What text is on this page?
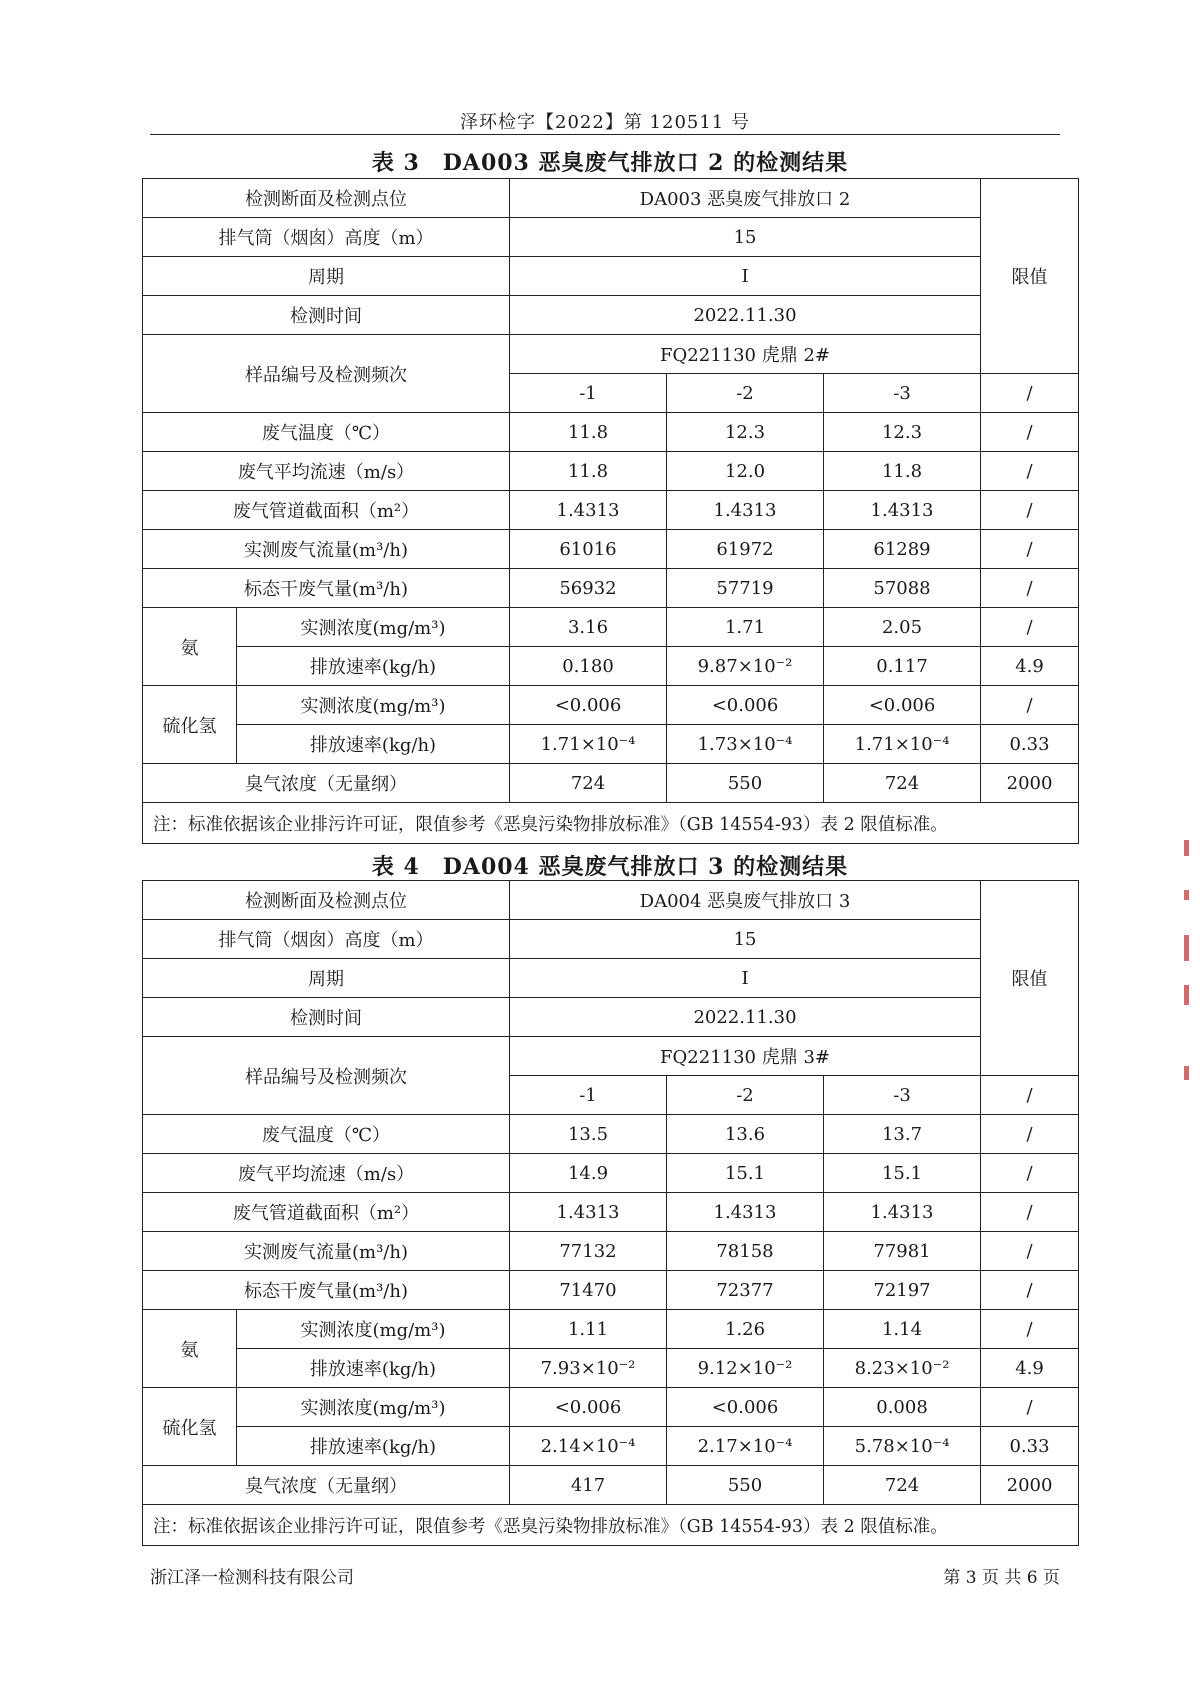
泽环检字【2022】第 120511 号
表 3　DA003 恶臭废气排放口 2 的检测结果
检测断面及检测点位		DA003 恶臭废气排放口 2			限值
排气筒（烟囱）高度（m）		15			
周期		I			
检测时间		2022.11.30			
样品编号及检测频次		FQ221130 虎鼎 2#			
		-1	-2	-3	/
废气温度（℃）		11.8	12.3	12.3	/
废气平均流速（m/s）		11.8	12.0	11.8	/
废气管道截面积（m²）		1.4313	1.4313	1.4313	/
实测废气流量(m³/h)		61016	61972	61289	/
标态干废气量(m³/h)		56932	57719	57088	/
氨	实测浓度(mg/m³)	3.16	1.71	2.05	/
	排放速率(kg/h)	0.180	9.87×10⁻²	0.117	4.9
硫化氢	实测浓度(mg/m³)	<0.006	<0.006	<0.006	/
	排放速率(kg/h)	1.71×10⁻⁴	1.73×10⁻⁴	1.71×10⁻⁴	0.33
臭气浓度（无量纲）		724	550	724	2000
注：标准依据该企业排污许可证，限值参考《恶臭污染物排放标准》（GB 14554-93）表 2 限值标准。					
表 4　DA004 恶臭废气排放口 3 的检测结果
检测断面及检测点位		DA004 恶臭废气排放口 3			限值
排气筒（烟囱）高度（m）		15			
周期		I			
检测时间		2022.11.30			
样品编号及检测频次		FQ221130 虎鼎 3#			
		-1	-2	-3	/
废气温度（℃）		13.5	13.6	13.7	/
废气平均流速（m/s）		14.9	15.1	15.1	/
废气管道截面积（m²）		1.4313	1.4313	1.4313	/
实测废气流量(m³/h)		77132	78158	77981	/
标态干废气量(m³/h)		71470	72377	72197	/
氨	实测浓度(mg/m³)	1.11	1.26	1.14	/
	排放速率(kg/h)	7.93×10⁻²	9.12×10⁻²	8.23×10⁻²	4.9
硫化氢	实测浓度(mg/m³)	<0.006	<0.006	0.008	/
	排放速率(kg/h)	2.14×10⁻⁴	2.17×10⁻⁴	5.78×10⁻⁴	0.33
臭气浓度（无量纲）		417	550	724	2000
注：标准依据该企业排污许可证，限值参考《恶臭污染物排放标准》（GB 14554-93）表 2 限值标准。					
浙江泽一检测科技有限公司	第 3 页 共 6 页
